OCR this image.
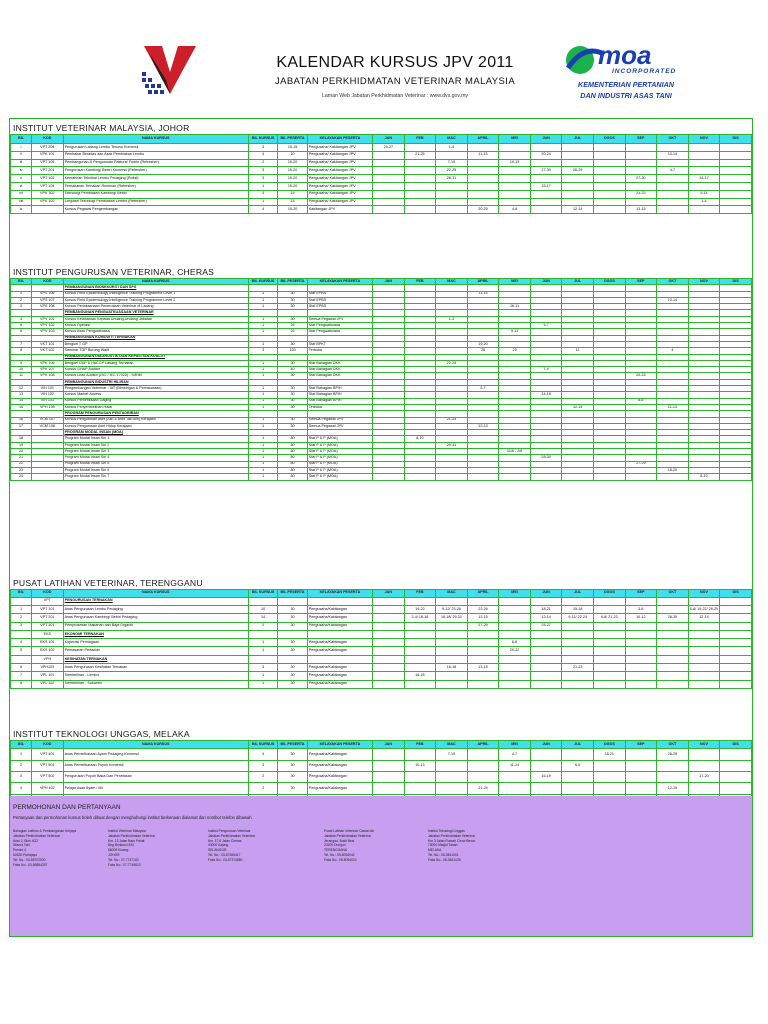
KALENDAR KURSUS JPV 2011
JABATAN PERKHIDMATAN VETERINAR MALAYSIA
Laman Web Jabatan Perkhidmatan Veterinar : www.dvs.gov.my
moa
INCORPORATED
KEMENTERIAN PERTANIAN
DAN INDUSTRI ASAS TANI
INSTITUT VETERINAR MALAYSIA, JOHOR
BIL	KOD	NAMA KURSUS	BIL KURSUS	BIL PESERTA	KELAYAKAN PESERTA	JAN	FEB	MAC	APRIL	MEI	JUN	JUL	OGOS	SEP	OKT	NOV	DIS
i	VPT 204	Pengurusan Ladang Lembu Tenusu Komersil	3	10-15	Pengusaha/ Kakitangan JPV	24-27		1-4									
ii	VPK 101	Pembakar Beradas dan Asas Pembiakan Lembu	4	10	Pengusaha/ Kakitangan JPV		21-25		11-15		20-24				10-14		
iii	VPT 105	Pembangunan & Pengurusan Pastura/ Fodrin (Refresher)	2	15-20	Pengusaha/ Kakitangan JPV			7-10		10-13							
iv	VPT 201	Pengurusan Kambing/ Bebiri Komersil (Refresher)	3	15-20	Pengusaha/ Kakitangan JPV			22-25			27-30	26-29			4-7		
v	VPT 102	Kemahiran Teknikal Lembu Pedaging (Rollat)	3	15-20	Pengusaha/ Kakitangan JPV			28-31						27-30		14-17	
vi	VPT 104	Pemakanan Ternakan Ruminan (Refresher)	1	15-20	Pengusaha/ Kakitangan JPV						15-17						
vii	VPK 302	Teknologi Pembiakan Kambing/ Bebiri	3	15	Pengusaha/ Kakitangan JPV									21-23		9-11	
viii	VPK 102	Lanjutan Teknologi Pembiakan Lembu (Refresher)	1	15	Pengusaha/ Kakitangan JPV											1-4	
ix		Kursus Pegawai Pengembangan	4	15-20	Kakitangan JPV				20-25	4-8		12-14		13-15			
INSTITUT PENGURUSAN VETERINAR, CHERAS
BIL	KOD	NAMA KURSUS	BIL KURSUS	BIL PESERTA	KELAYAKAN PESERTA	JAN	FEB	MAC	APRIL	MEI	JUN	JUL	OGOS	SEP	OKT	NOV	DIS
		PEMBANGUNAN BIOSEKURITI DAN SPS															
1	VPS 106	Kursus Field Epidemiology Intelligence Training Programme Level 1	1	30	Staf EPBS				11-15								
2	VPS 107	Kursus Field Epidemiology Intelligence Training Programme Level 2	1	30	Staf EPBS										10-14		
3	VPS 108	Kursus Perlaksanaan Penerokaan Veterinar di Ladang	1	30	Staf EPBS					16-11							
		PEMBANGUNAN PENGUATKUASAAN VETERINAR															
4	VPV 101	Kursus Kefahaman Kepada Undang-Undang Jabatan	1	30	Semua Pegawai JPV			1-3									
5	VPV 102	Kursus Operasi	1	25	Staf Penguatkuasa						5-7						
6	VPV 103	Kursus Asas Penguatkuasa	1	25	Staf Penguatkuasa					9-13							
		PEMBANGUNAN KOMODITI TERNAKAN															
7	VKT 101	Bengkel T GP	1	30	Staf BPKT				19-20								
8	VKT 102	Seminar TGP Burung Walit	3	150	Terbuka				26	25		11			4		
		PEMBANGUNAN DIAGNOSTIK DAN KEPASTIAN KUALITI															
9	VPK 106	Bengkel GAP & HACCP Ladang Ternakan	1	30	Staf Bahagian DKK			22-25									
10	VPK 107	Kursus GHAP Auditor	1	40	Staf Bahagian DKK						7-9						
11	VPK 108	Kursus Lead Auditor (ISO / IEC 17025) - SIRIM	1	30	Staf Bahagian DKK									20-23			
		PEMBANGUNAN INDUSTRI HILIRAN															
12	VIH 101	Pengembangan Veterinar - IAT (Bimbingan & Pemasaraan)	1	30	Staf Bahagian BPIH				5-7								
13	VIH 102	Kursus Market Access	1	30	Staf Bahagian BPIH						14-16						
14	VIH 103	Kursus Pemeriksaan Daging	1	30	Staf Bahagian BPIH									6-8			
15	VPH 105	Kursus Penyembelihan Halal	1	30	Terbuka							12-14			11-13		
		PROGRAM PENGURUSAN PENTADBIRAN															
16	VCM 107	Kursus Pengurusan aset (Alih & Aset Tak Alih) Kerajaan	1	30	Semua Pegawai JPV			21-24									
17	VCM 108	Kursus Pengurusan Aset Hidup Kerajaan	1	30	Semua Pegawai JPV				12-13								
		PROGRAM MODAL INSAN (MOA)															
18		Program Modal Insan Siri 1	1	80	Staf P & P (MOA)		8-10										
19		Program Modal Insan Siri 2	1	80	Staf P & P (MOA)			29-31									
20		Program Modal Insan Siri 3	1	80	Staf P & P (MOA)					31/5 - 2/6							
21		Program Modal Insan Siri 4	1	80	Staf P & P (MOA)						28-30						
22		Program Modal Insan Siri 5	1	80	Staf P & P (MOA)									27-29			
23		Program Modal Insan Siri 6	1	80	Staf P & P (MOA)										18-20		
24		Program Modal Insan Siri 7	1	80	Staf P & P (MOA)											8-10	
PUSAT LATIHAN VETERINAR, TERENGGANU
BIL	KOD	NAMA KURSUS	BIL KURSUS	BIL PESERTA	KELAYAKAN PESERTA	JAN	FEB	MAC	APRIL	MEI	JUN	JUL	OGOS	SEP	OKT	NOV	DIS
	VPT	PENGURUSAN TERNAKAN															
1	VPT 101	Asas Pengurusan Lembu Pedaging	10	30	Pengusaha/Kakitangan		19-22	9-12/ 23-26	23-26		18-21	15-18		3-6		5-8/ 19-22/ 26-29	
2	VPT 201	Asas Pengurusan Kambing/ Bebiri Pedaging	14	30	Pengusaha/Kakitangan		2-4/ 16-18	16-18/ 29-31	13-15		12-14	9-11/ 22-24	6-8/ 21-23	10-12	28-30	12-14	
3	VPT 301	Pemprosesan Makanan dari Baja Organik	2	30	Pengusaha/Kakitangan				27-29		25-27						
	EKS	EKONOMI TERNAKAN															
4	EKS 101	Koperasi Perniagaan	1	30	Pengusaha/Kakitangan					6-8							
5	EKS 102	Pemasaran Pertanian	1	30	Pengusaha/Kakitangan					20-22							
	VPH	KESIHATAN TERNAKAN															
6	VPH103	Asas Pengurusan Kesihatan Ternakan	3	30	Pengusaha/Kakitangan			16-18	13-15			21-23					
7	VPL 101	Sembelihan - Lembu	1	30	Pengusaha/Kakitangan		16-18										
8	VPL 102	Sembelihan - Sokanthi	1	30	Pengusaha/Kakitangan												
INSTITUT TEKNOLOGI UNGGAS, MELAKA
BIL	KOD	NAMA KURSUS	BIL KURSUS	BIL PESERTA	KELAYAKAN PESERTA	JAN	FEB	MAC	APRIL	MEI	JUN	JUL	OGOS	SEP	OKT	NOV	DIS
1	VPT 401	Asas Pemeliharaan Ayam Pedaging Komersil	4	30	Pengusaha/Kakitangan			7-10		4-7			18-21		26-29		
2	VPT 501	Asas Pemeliharaan Puyuh Komersil	3	30	Pengusaha/Kakitangan		10-13			11-14		6-9					
3	VPT 502	Pengurusan Puyuh Baka Dan Penetasan	2	30	Pengusaha/Kakitangan						16-19					17-20	
4	VPH 402	Pelajar Asas Ayam / Itik	2	30	Pengusaha/Kakitangan				21-24						12-15		

PERMOHONAN DAN PERTANYAAN
Pertanyaan dan permohonan kursus boleh dibuat dengan menghubungi institut berkenaan dialamat dan nombor telefon dibawah
Bahagian Latihan & Pembangunan Kerjaya
Jabatan Perkhidmatan Veterinar
Aras 2, Blok 4G2
Wisma Tani
Presint 4
62630 Putrajaya
Tel. No.: 03-88702000
Faks No.: 03-88884287
Institut Veterinar Malaysia
Jabatan Perkhidmatan Veterinar
Km. 13 Jalan Batu Pahat
Beg Berkunci 520
86009 Kluang
JOHOR
Tel. No.: 07-7747100
Faks No.: 07-7749813
Institut Pengurusan Veterinar
Jabatan Perkhidmatan Veterinar
Km. 17.6 Jalan Cheras
43000 Kajang
SELANGOR
Tel. No.: 03-87365417
Faks No.: 03-87374880
Pusat Latihan Veterinar Cawan Air
Jabatan Perkhidmatan Veterinar
Jerangau, Bukit Besi
23200 Dungun
TERENGGANU
Tel. No.: 09-8094042
Faks No.: 09-8094010
Institut Teknologi Unggas
Jabatan Perkhidmatan Veterinar
Km 3 Jalan Rumah Chow Besar
78000 Masjid Tanah
MELAKA
Tel. No.: 06-3841001
Faks No.: 06-3841026
